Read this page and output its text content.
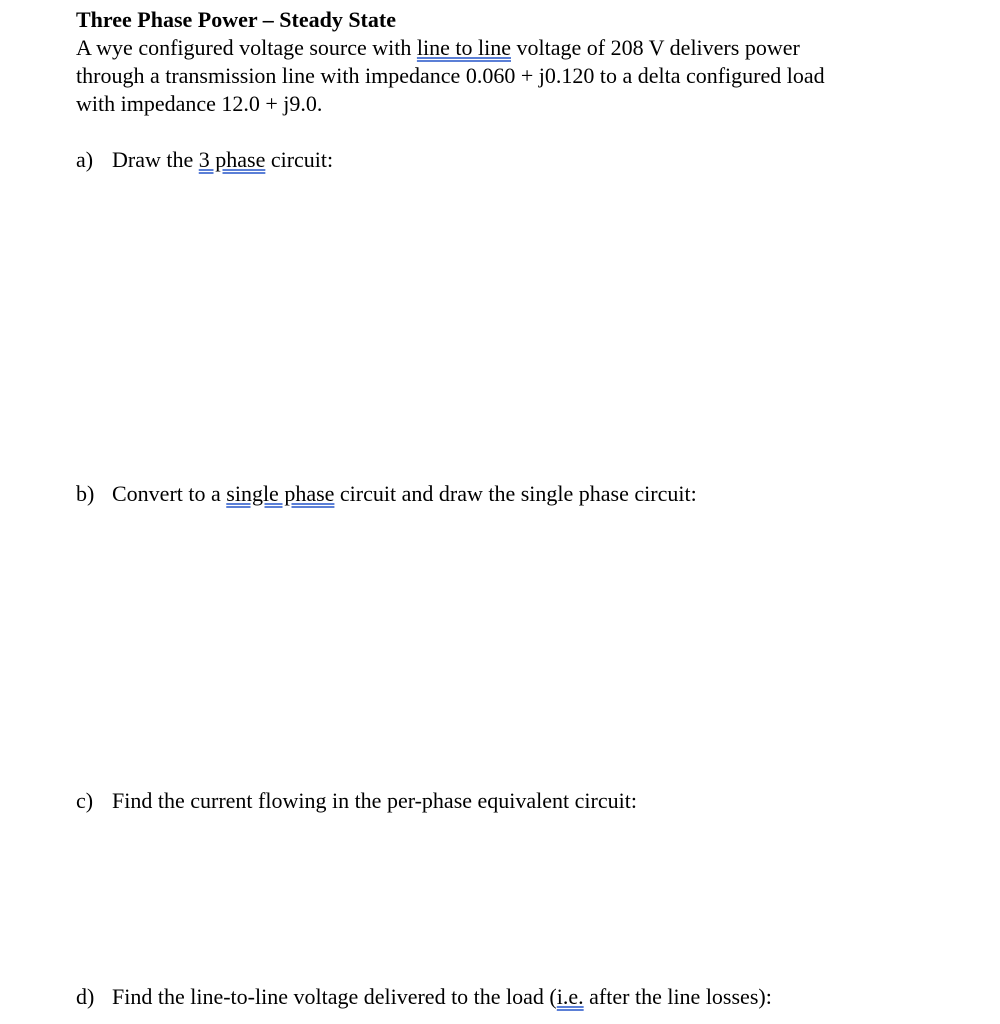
Three Phase Power – Steady State
A wye configured voltage source with line to line voltage of 208 V delivers power
through a transmission line with impedance 0.060 + j0.120 to a delta configured load
with impedance 12.0 + j9.0.
a) Draw the 3 phase circuit:
b) Convert to a single phase circuit and draw the single phase circuit:
c) Find the current flowing in the per-phase equivalent circuit:
d) Find the line-to-line voltage delivered to the load (i.e. after the line losses):
